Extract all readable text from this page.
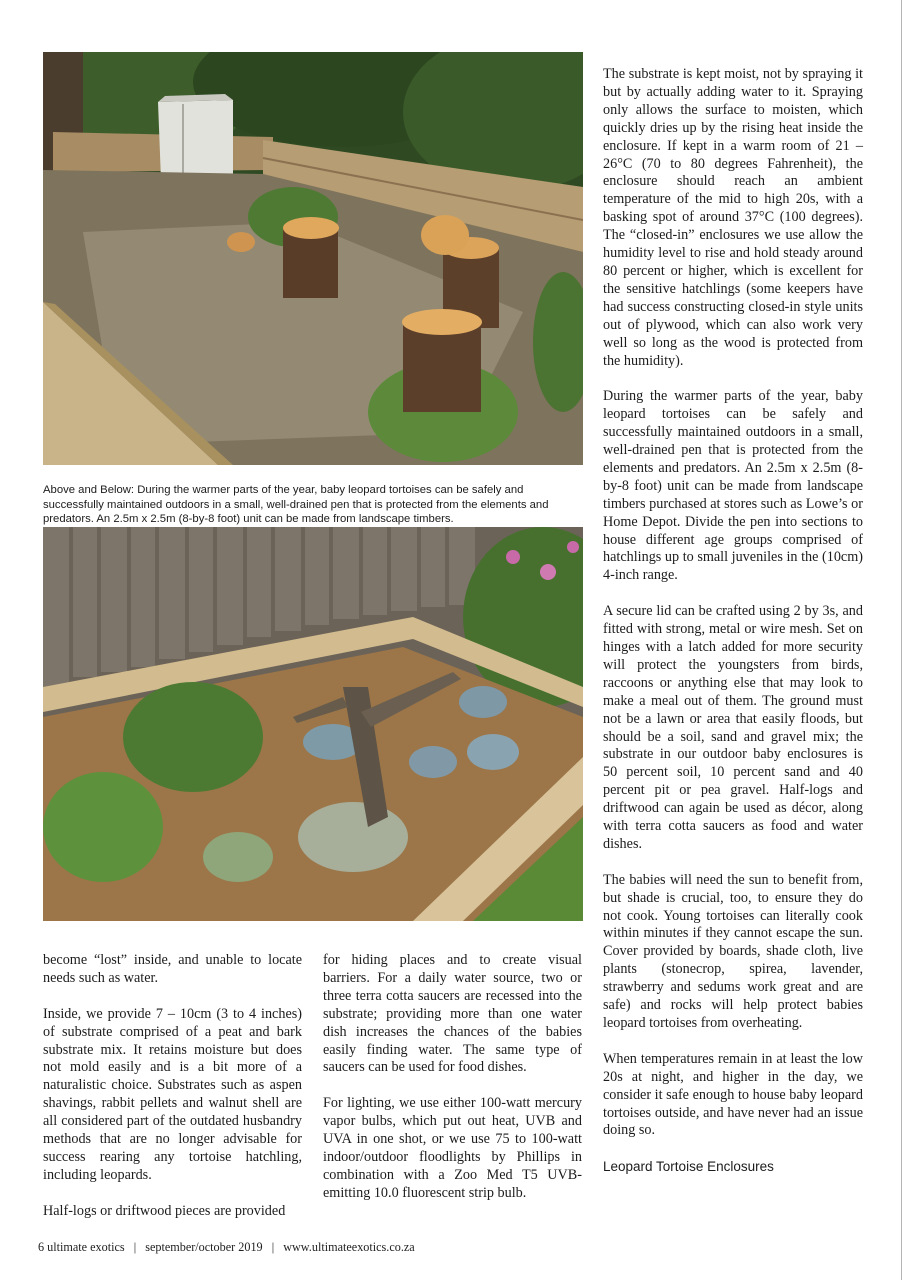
Above and Below: During the warmer parts of the year, baby leopard tortoises can be safely and successfully maintained outdoors in a small, well-drained pen that is protected from the elements and predators. An 2.5m x 2.5m (8-by-8 foot) unit can be made from landscape timbers.

The substrate is kept moist, not by spraying it but by actually adding water to it. Spraying only allows the surface to moisten, which quickly dries up by the rising heat inside the enclosure. If kept in a warm room of 21 – 26°C (70 to 80 degrees Fahrenheit), the enclosure should reach an ambient temperature of the mid to high 20s, with a basking spot of around 37°C (100 degrees). The “closed-in” enclosures we use allow the humidity level to rise and hold steady around 80 percent or higher, which is excellent for the sensitive hatchlings (some keepers have had success constructing closed-in style units out of plywood, which can also work very well so long as the wood is protected from the humidity).

During the warmer parts of the year, baby leopard tortoises can be safely and successfully maintained outdoors in a small, well-drained pen that is protected from the elements and predators. An 2.5m x 2.5m (8-by-8 foot) unit can be made from landscape timbers purchased at stores such as Lowe’s or Home Depot. Divide the pen into sections to house different age groups comprised of hatchlings up to small juveniles in the (10cm) 4-inch range.

A secure lid can be crafted using 2 by 3s, and fitted with strong, metal or wire mesh. Set on hinges with a latch added for more security will protect the youngsters from birds, raccoons or anything else that may look to make a meal out of them. The ground must not be a lawn or area that easily floods, but should be a soil, sand and gravel mix; the substrate in our outdoor baby enclosures is 50 percent soil, 10 percent sand and 40 percent pit or pea gravel. Half-logs and driftwood can again be used as décor, along with terra cotta saucers as food and water dishes.

The babies will need the sun to benefit from, but shade is crucial, too, to ensure they do not cook. Young tortoises can literally cook within minutes if they cannot escape the sun. Cover provided by boards, shade cloth, live plants (stonecrop, spirea, lavender, strawberry and sedums work great and are safe) and rocks will help protect babies leopard tortoises from overheating.

When temperatures remain in at least the low 20s at night, and higher in the day, we consider it safe enough to house baby leopard tortoises outside, and have never had an issue doing so.

Leopard Tortoise Enclosures

become “lost” inside, and unable to locate needs such as water.

Inside, we provide 7 – 10cm (3 to 4 inches) of substrate comprised of a peat and bark substrate mix. It retains moisture but does not mold easily and is a bit more of a naturalistic choice. Substrates such as aspen shavings, rabbit pellets and walnut shell are all considered part of the outdated husbandry methods that are no longer advisable for success rearing any tortoise hatchling, including leopards.

Half-logs or driftwood pieces are provided

for hiding places and to create visual barriers. For a daily water source, two or three terra cotta saucers are recessed into the substrate; providing more than one water dish increases the chances of the babies easily finding water. The same type of saucers can be used for food dishes.

For lighting, we use either 100-watt mercury vapor bulbs, which put out heat, UVB and UVA in one shot, or we use 75 to 100-watt indoor/outdoor floodlights by Phillips in combination with a Zoo Med T5 UVB-emitting 10.0 fluorescent strip bulb.

6 ultimate exotics | september/october 2019 | www.ultimateexotics.co.za
